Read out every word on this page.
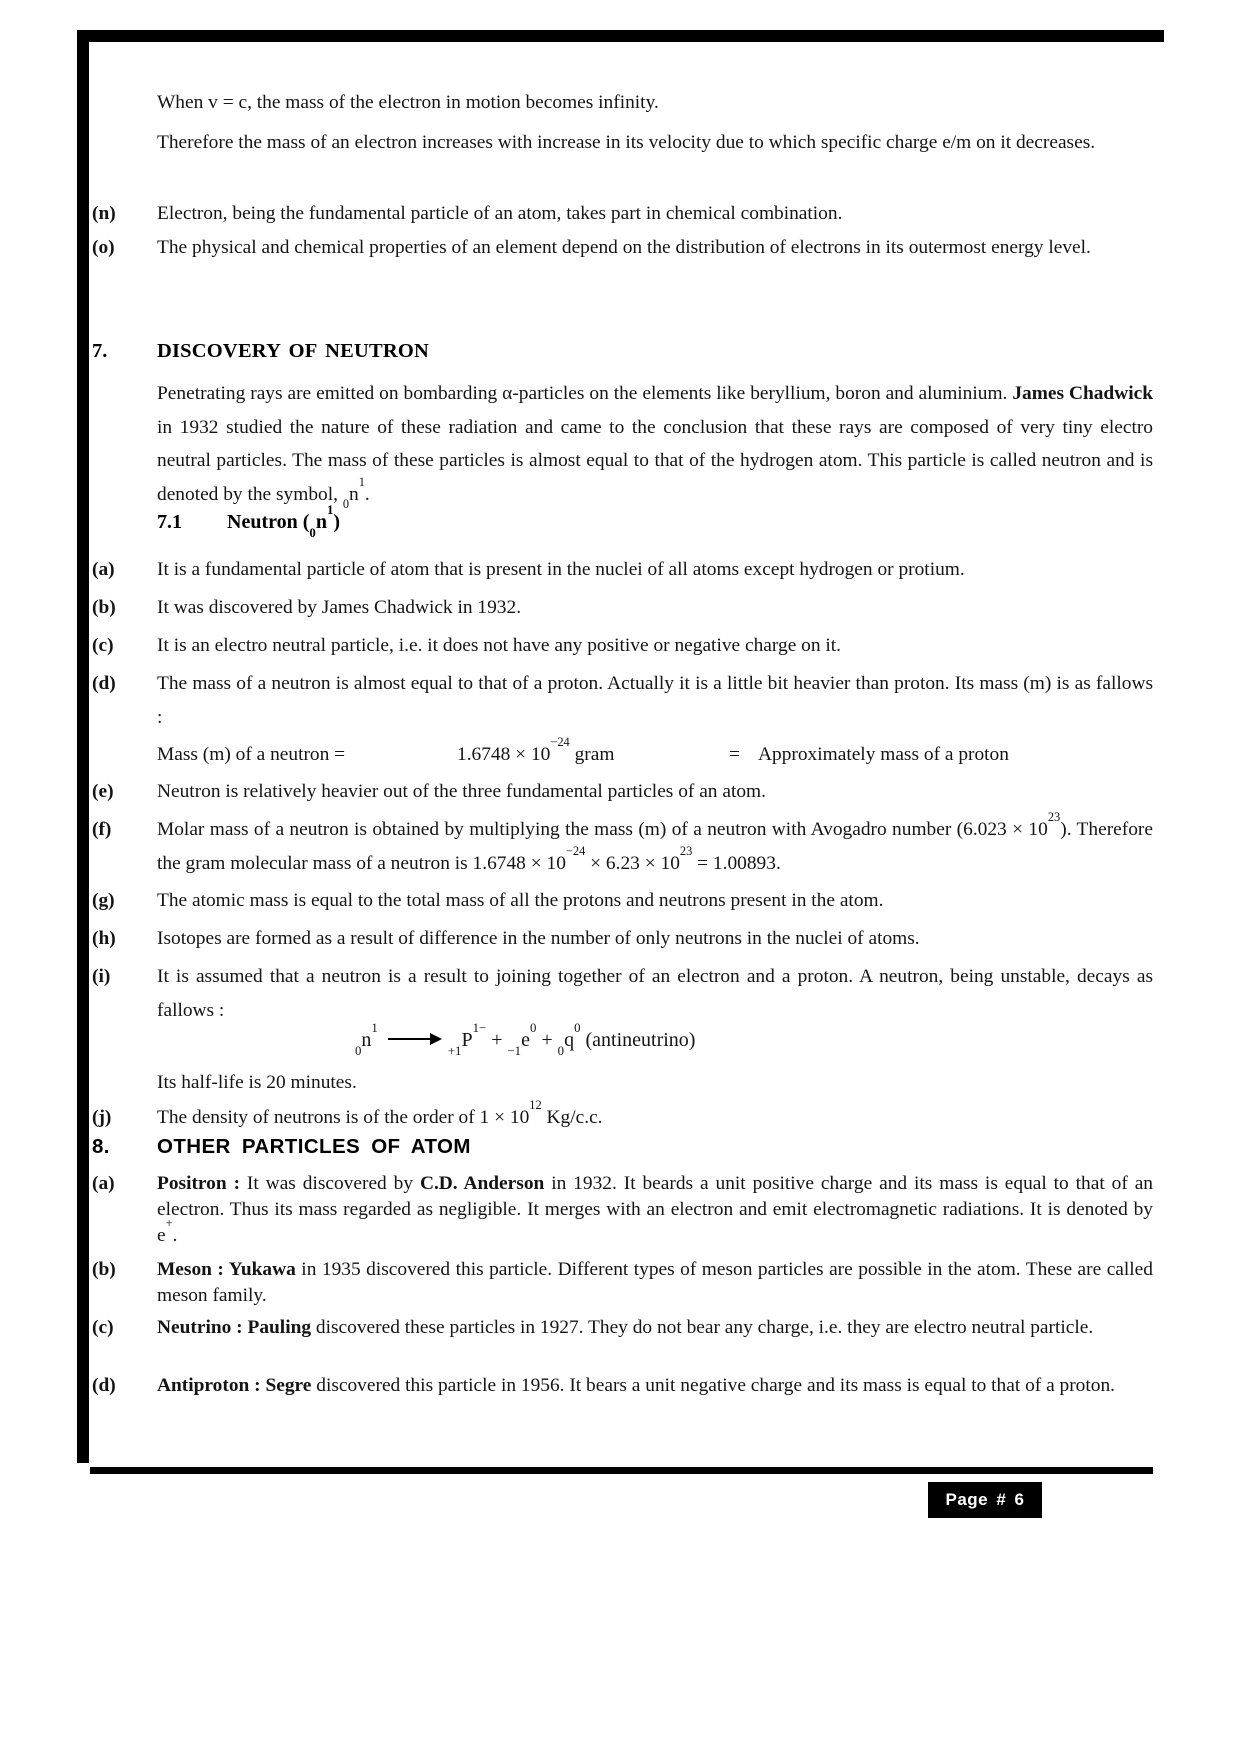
When v = c, the mass of the electron in motion becomes infinity.
Therefore the mass of an electron increases with increase in its velocity due to which specific charge e/m on it decreases.
(n)	Electron, being the fundamental particle of an atom, takes part in chemical combination.
(o)	The physical and chemical properties of an element depend on the distribution of electrons in its outermost energy level.
7.	DISCOVERY OF NEUTRON
Penetrating rays are emitted on bombarding α-particles on the elements like beryllium, boron and aluminium. James Chadwick in 1932 studied the nature of these radiation and came to the conclusion that these rays are composed of very tiny electro neutral particles. The mass of these particles is almost equal to that of the hydrogen atom. This particle is called neutron and is denoted by the symbol, $_0n^1$.
7.1 Neutron $(_0n^1)$
(a)	It is a fundamental particle of atom that is present in the nuclei of all atoms except hydrogen or protium.
(b)	It was discovered by James Chadwick in 1932.
(c)	It is an electro neutral particle, i.e. it does not have any positive or negative charge on it.
(d)	The mass of a neutron is almost equal to that of a proton. Actually it is a little bit heavier than proton. Its mass (m) is as fallows :
Mass (m) of a neutron =	$1.6748 \times 10^{-24}$ gram	= Approximately mass of a proton
(e)	Neutron is relatively heavier out of the three fundamental particles of an atom.
(f)	Molar mass of a neutron is obtained by multiplying the mass (m) of a neutron with Avogadro number $(6.023 \times 10^{23})$. Therefore the gram molecular mass of a neutron is $1.6748 \times 10^{-24} \times 6.23 \times 10^{23} = 1.00893$.
(g)	The atomic mass is equal to the total mass of all the protons and neutrons present in the atom.
(h)	Isotopes are formed as a result of difference in the number of only neutrons in the nuclei of atoms.
(i)	It is assumed that a neutron is a result to joining together of an electron and a proton. A neutron, being unstable, decays as fallows :
$_0n^1_{+1}P^{1-} + _{-1}e^0 + _0q^0$ (antineutrino)
Its half-life is 20 minutes.
(j)	The density of neutrons is of the order of $1 \times 10^{12}$ Kg/c.c.
8.	OTHER PARTICLES OF ATOM
(a)	Positron : It was discovered by C.D. Anderson in 1932. It beards a unit positive charge and its mass is equal to that of an electron. Thus its mass regarded as negligible. It merges with an electron and emit electromagnetic radiations. It is denoted by e+.
(b)	Meson : Yukawa in 1935 discovered this particle. Different types of meson particles are possible in the atom. These are called meson family.
(c)	Neutrino : Pauling discovered these particles in 1927. They do not bear any charge, i.e. they are electro neutral particle.
(d)	Antiproton : Segre discovered this particle in 1956. It bears a unit negative charge and its mass is equal to that of a proton.
Page # 6
